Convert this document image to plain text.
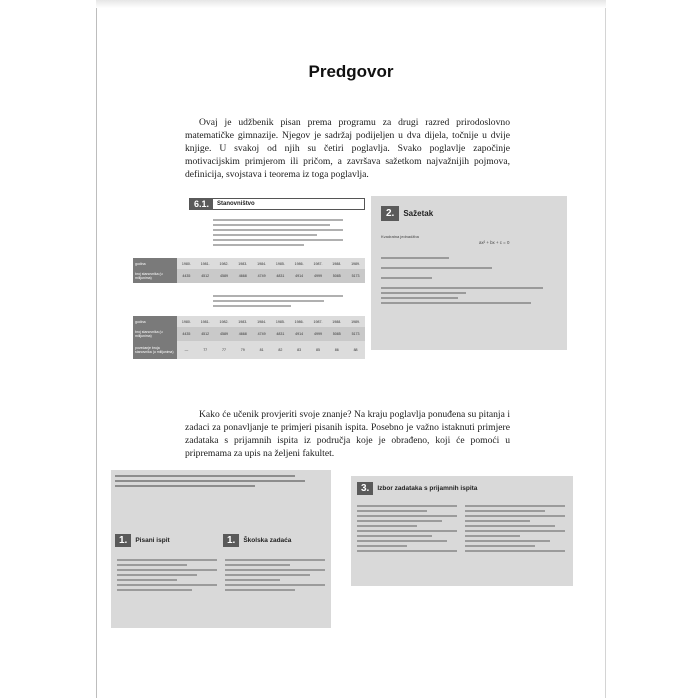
Predgovor

Ovaj je udžbenik pisan prema programu za drugi razred prirodoslovno matematičke gimnazije. Njegov je sadržaj podijeljen u dva dijela, točnije u dvije knjige. U svakoj od njih su četiri poglavlja. Svako poglavlje započinje motivacijskim primjerom ili pričom, a završava sažetkom najvažnijih pojmova, definicija, svojstava i teorema iz toga poglavlja.

6.1.	Stanovništvo
godina	1980.	1981.	1982.	1983.	1984.	1985.	1986.	1987.	1988.	1989.
broj stanovnika (u milijunima)	4435	4512	4589	4668	4749	4831	4914	4999	5085	5173
godina	1980.	1981.	1982.	1983.	1984.	1985.	1986.	1987.	1988.	1989.
broj stanovnika (u milijunima)	4435	4512	4589	4668	4749	4831	4914	4999	5085	5173
povećanje broja stanovnika (u milijunima)	—	77	77	79	81	82	83	85	86	88
2.	Sažetak
Kvadratna jednadžba
ax² + bx + c = 0

Kako će učenik provjeriti svoje znanje? Na kraju poglavlja ponuđena su pitanja i zadaci za ponavljanje te primjeri pisanih ispita. Posebno je važno istaknuti primjere zadataka s prijamnih ispita iz područja koje je obrađeno, koji će pomoći u pripremama za upis na željeni fakultet.

1.	Pisani ispit	1.	Školska zadaća
3.	Izbor zadataka s prijamnih ispita
